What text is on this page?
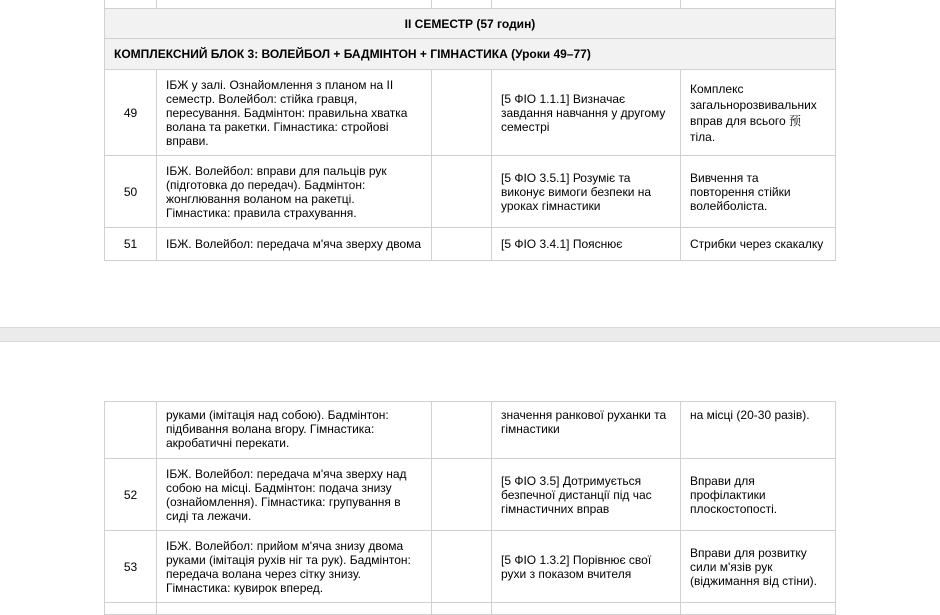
II СЕМЕСТР (57 годин)				
КОМПЛЕКСНИЙ БЛОК 3: ВОЛЕЙБОЛ + БАДМІНТОН + ГІМНАСТИКА (Уроки 49–77)				
49	ІБЖ у залі. Ознайомлення з планом на II семестр. Волейбол: стійка гравця, пересування. Бадмінтон: правильна хватка волана та ракетки. Гімнастика: стройові вправи.		[5 ФІО 1.1.1] Визначає завдання навчання у другому семестрі	Комплекс загальнорозвивальних вправ для всього 预 тіла.
50	ІБЖ. Волейбол: вправи для пальців рук (підготовка до передач). Бадмінтон: жонглювання воланом на ракетці. Гімнастика: правила страхування.		[5 ФІО 3.5.1] Розуміє та виконує вимоги безпеки на уроках гімнастики	Вивчення та повторення стійки волейболіста.
51	ІБЖ. Волейбол: передача м'яча зверху двома		[5 ФІО 3.4.1] Пояснює	Стрибки через скакалку
	руками (імітація над собою). Бадмінтон: підбивання волана вгору. Гімнастика: акробатичні перекати.		значення ранкової руханки та гімнастики	на місці (20-30 разів).
52	ІБЖ. Волейбол: передача м'яча зверху над собою на місці. Бадмінтон: подача знизу (ознайомлення). Гімнастика: групування в сиді та лежачи.		[5 ФІО 3.5] Дотримується безпечної дистанції під час гімнастичних вправ	Вправи для профілактики плоскостопості.
53	ІБЖ. Волейбол: прийом м'яча знизу двома руками (імітація рухів ніг та рук). Бадмінтон: передача волана через сітку знизу. Гімнастика: кувирок вперед.		[5 ФІО 1.3.2] Порівнює свої рухи з показом вчителя	Вправи для розвитку сили м'язів рук (віджимання від стіни).
